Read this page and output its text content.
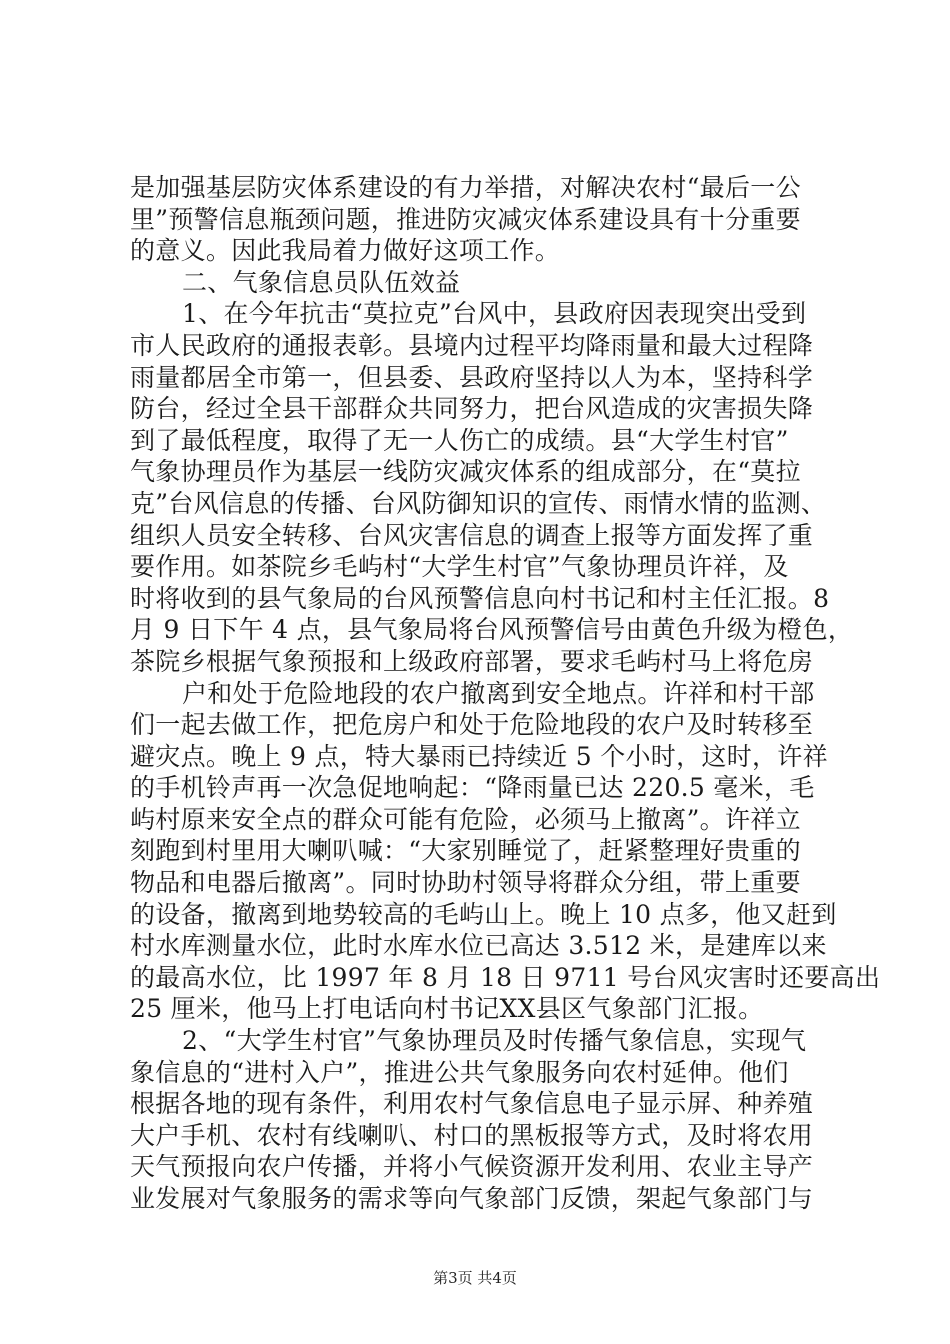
是加强基层防灾体系建设的有力举措，对解决农村“最后一公
里”预警信息瓶颈问题，推进防灾减灾体系建设具有十分重要
的意义。因此我局着力做好这项工作。
二、气象信息员队伍效益
1、在今年抗击“莫拉克”台风中，县政府因表现突出受到
市人民政府的通报表彰。县境内过程平均降雨量和最大过程降
雨量都居全市第一，但县委、县政府坚持以人为本，坚持科学
防台，经过全县干部群众共同努力，把台风造成的灾害损失降
到了最低程度，取得了无一人伤亡的成绩。县“大学生村官”
气象协理员作为基层一线防灾减灾体系的组成部分，在“莫拉
克”台风信息的传播、台风防御知识的宣传、雨情水情的监测、
组织人员安全转移、台风灾害信息的调查上报等方面发挥了重
要作用。如茶院乡毛屿村“大学生村官”气象协理员许祥，及
时将收到的县气象局的台风预警信息向村书记和村主任汇报。8
月 9 日下午 4 点，县气象局将台风预警信号由黄色升级为橙色，
茶院乡根据气象预报和上级政府部署，要求毛屿村马上将危房
户和处于危险地段的农户撤离到安全地点。许祥和村干部
们一起去做工作，把危房户和处于危险地段的农户及时转移至
避灾点。晚上 9 点，特大暴雨已持续近 5 个小时，这时，许祥
的手机铃声再一次急促地响起：“降雨量已达 220.5 毫米，毛
屿村原来安全点的群众可能有危险，必须马上撤离”。许祥立
刻跑到村里用大喇叭喊：“大家别睡觉了，赶紧整理好贵重的
物品和电器后撤离”。同时协助村领导将群众分组，带上重要
的设备，撤离到地势较高的毛屿山上。晚上 10 点多，他又赶到
村水库测量水位，此时水库水位已高达 3.512 米，是建库以来
的最高水位，比 1997 年 8 月 18 日 9711 号台风灾害时还要高出
25 厘米，他马上打电话向村书记XX县区气象部门汇报。
2、“大学生村官”气象协理员及时传播气象信息，实现气
象信息的“进村入户”，推进公共气象服务向农村延伸。他们
根据各地的现有条件，利用农村气象信息电子显示屏、种养殖
大户手机、农村有线喇叭、村口的黑板报等方式，及时将农用
天气预报向农户传播，并将小气候资源开发利用、农业主导产
业发展对气象服务的需求等向气象部门反馈，架起气象部门与
第3页 共4页
